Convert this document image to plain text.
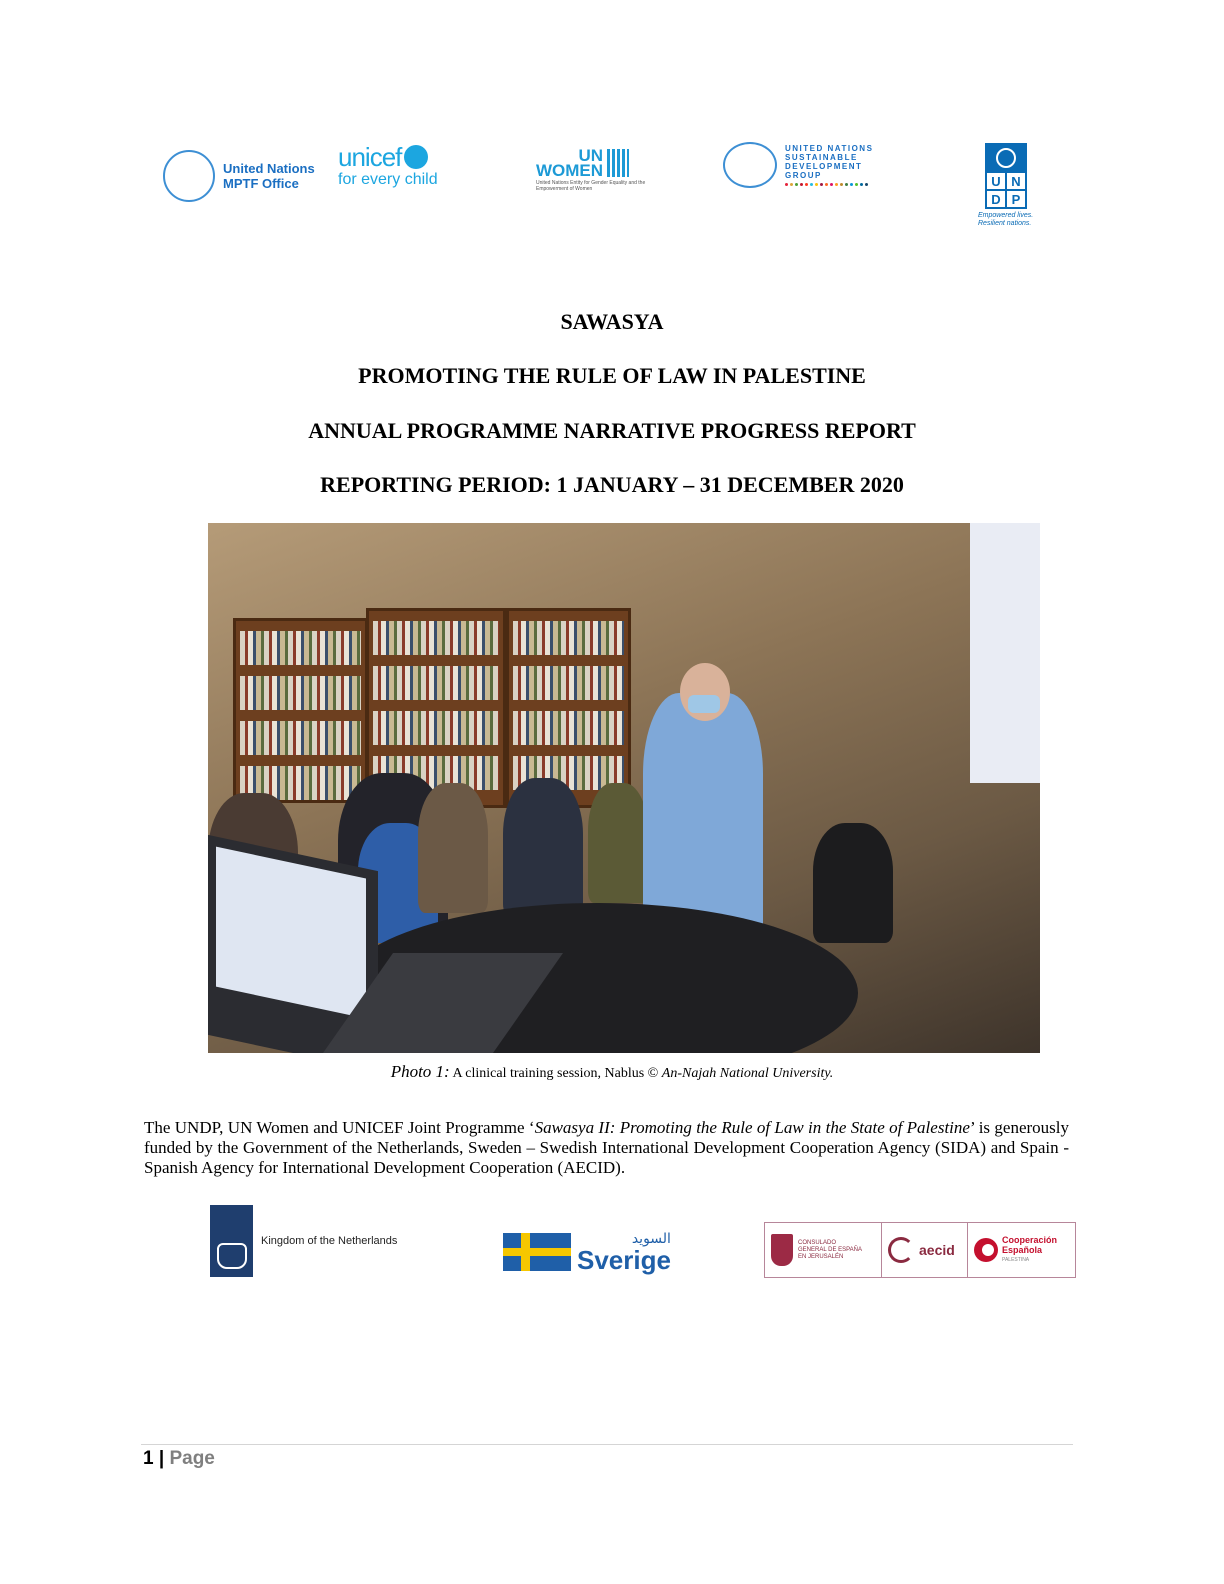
United Nations
MPTF Office
unicef
for every child
UN
WOMEN
United Nations Entity for Gender Equality and the Empowerment of Women
UNITED NATIONS
SUSTAINABLE
DEVELOPMENT
GROUP	U N
D P
Empowered lives.
Resilient nations.
SAWASYA
PROMOTING THE RULE OF LAW IN PALESTINE
ANNUAL PROGRAMME NARRATIVE PROGRESS REPORT
REPORTING PERIOD: 1 JANUARY – 31 DECEMBER 2020
Photo 1: A clinical training session, Nablus © An-Najah National University.
The UNDP, UN Women and UNICEF Joint Programme ‘Sawasya II: Promoting the Rule of Law in the State of Palestine’ is generously funded by the Government of the Netherlands, Sweden – Swedish International Development Cooperation Agency (SIDA) and Spain - Spanish Agency for International Development Cooperation (AECID).
Kingdom of the Netherlands	السويد
Sverige
CONSULADO
GENERAL DE ESPAÑA
EN JERUSALÉN	aecid
Cooperación
Española
PALESTINA
1 | Page
